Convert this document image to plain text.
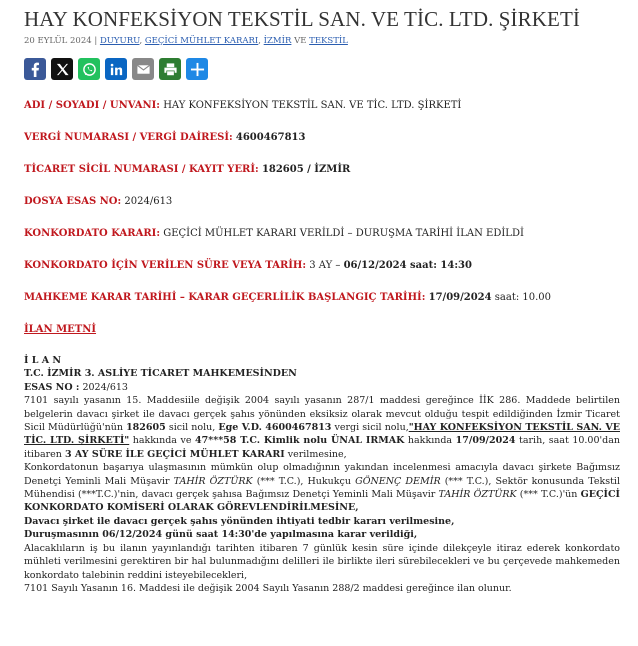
HAY KONFEKSİYON TEKSTİL SAN. VE TİC. LTD. ŞİRKETİ
20 EYLÜL 2024 | DUYURU, GEÇİCİ MÜHLET KARARI, İZMİR VE TEKSTİL
ADI / SOYADI / UNVANI: HAY KONFEKSİYON TEKSTİL SAN. VE TİC. LTD. ŞİRKETİ
VERGİ NUMARASI / VERGİ DAİRESİ: 4600467813
TİCARET SİCİL NUMARASI / KAYIT YERİ: 182605 / İZMİR
DOSYA ESAS NO: 2024/613
KONKORDATO KARARI: GEÇİCİ MÜHLET KARARI VERİLDİ – DURUŞMA TARİHİ İLAN EDİLDİ
KONKORDATO İÇİN VERİLEN SÜRE VEYA TARİH: 3 AY – 06/12/2024 saat: 14:30
MAHKEME KARAR TARİHİ – KARAR GEÇERLİLİK BAŞLANGIÇ TARİHİ: 17/09/2024 saat: 10.00
İLAN METNİ

İ L A N

T.C. İZMİR 3. ASLİYE TİCARET MAHKEMESİNDEN

ESAS NO : 2024/613

7101 sayılı yasanın 15. Maddesiile değişik 2004 sayılı yasanın 287/1 maddesi gereğince İİK 286. Maddede belirtilen belgelerin davacı şirket ile davacı gerçek şahıs yönünden eksiksiz olarak mevcut olduğu tespit edildiğinden İzmir Ticaret Sicil Müdürlüğü'nün 182605 sicil nolu, Ege V.D. 4600467813 vergi sicil nolu,"HAY KONFEKSİYON TEKSTİL SAN. VE TİC. LTD. ŞİRKETİ" hakkında ve 47***58 T.C. Kimlik nolu ÜNAL IRMAK hakkında 17/09/2024 tarih, saat 10.00'dan itibaren 3 AY SÜRE İLE GEÇİCİ MÜHLET KARARI verilmesine,

Konkordatonun başarıya ulaşmasının mümkün olup olmadığının yakından incelenmesi amacıyla davacı şirkete Bağımsız Denetçi Yeminli Mali Müşavir TAHİR ÖZTÜRK (*** T.C.), Hukukçu GÖNENÇ DEMİR (*** T.C.), Sektör konusunda Tekstil Mühendisi (***T.C.)'nin, davacı gerçek şahısa Bağımsız Denetçi Yeminli Mali Müşavir TAHİR ÖZTÜRK (*** T.C.)'ün GEÇİCİ KONKORDATO KOMİSERİ OLARAK GÖREVLENDİRİLMESİNE,

Davacı şirket ile davacı gerçek şahıs yönünden ihtiyati tedbir kararı verilmesine,

Duruşmasının 06/12/2024 günü saat 14:30'de yapılmasına karar verildiği,

Alacaklıların iş bu ilanın yayınlandığı tarihten itibaren 7 günlük kesin süre içinde dilekçeyle itiraz ederek konkordato mühleti verilmesini gerektiren bir hal bulunmadığını delilleri ile birlikte ileri sürebilecekleri ve bu çerçevede mahkemeden konkordato talebinin reddini isteyebilecekleri,

7101 Sayılı Yasanın 16. Maddesi ile değişik 2004 Sayılı Yasanın 288/2 maddesi gereğince ilan olunur.
